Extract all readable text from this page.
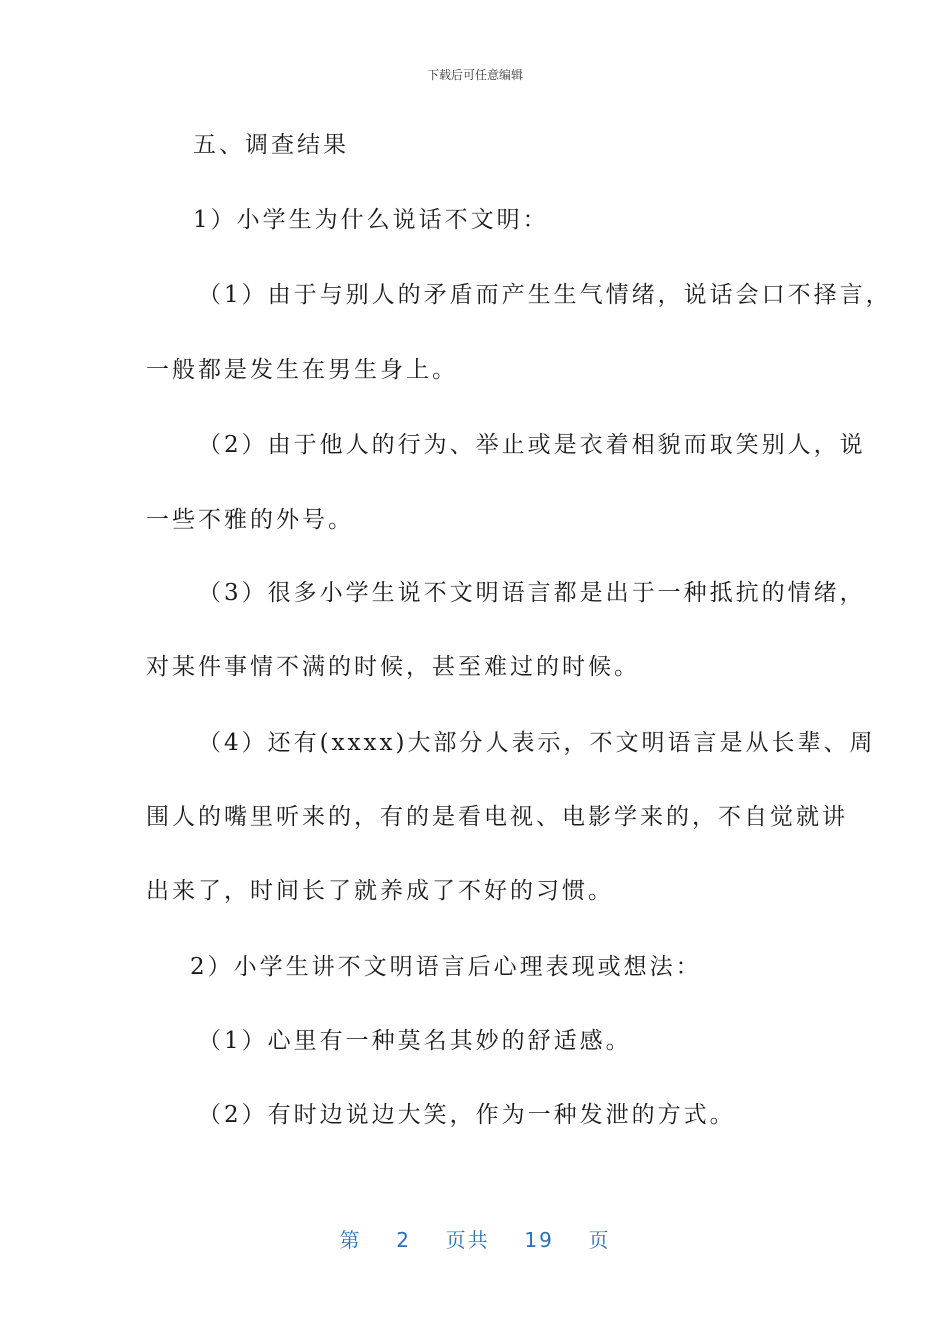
下载后可任意编辑
五、调查结果
1）小学生为什么说话不文明：
（1）由于与别人的矛盾而产生生气情绪，说话会口不择言，
一般都是发生在男生身上。
（2）由于他人的行为、举止或是衣着相貌而取笑别人，说
一些不雅的外号。
（3）很多小学生说不文明语言都是出于一种抵抗的情绪，
对某件事情不满的时候，甚至难过的时候。
（4）还有(xxxx)大部分人表示，不文明语言是从长辈、周
围人的嘴里听来的，有的是看电视、电影学来的，不自觉就讲
出来了，时间长了就养成了不好的习惯。
2）小学生讲不文明语言后心理表现或想法：
（1）心里有一种莫名其妙的舒适感。
（2）有时边说边大笑，作为一种发泄的方式。
第 2 页共 19 页
